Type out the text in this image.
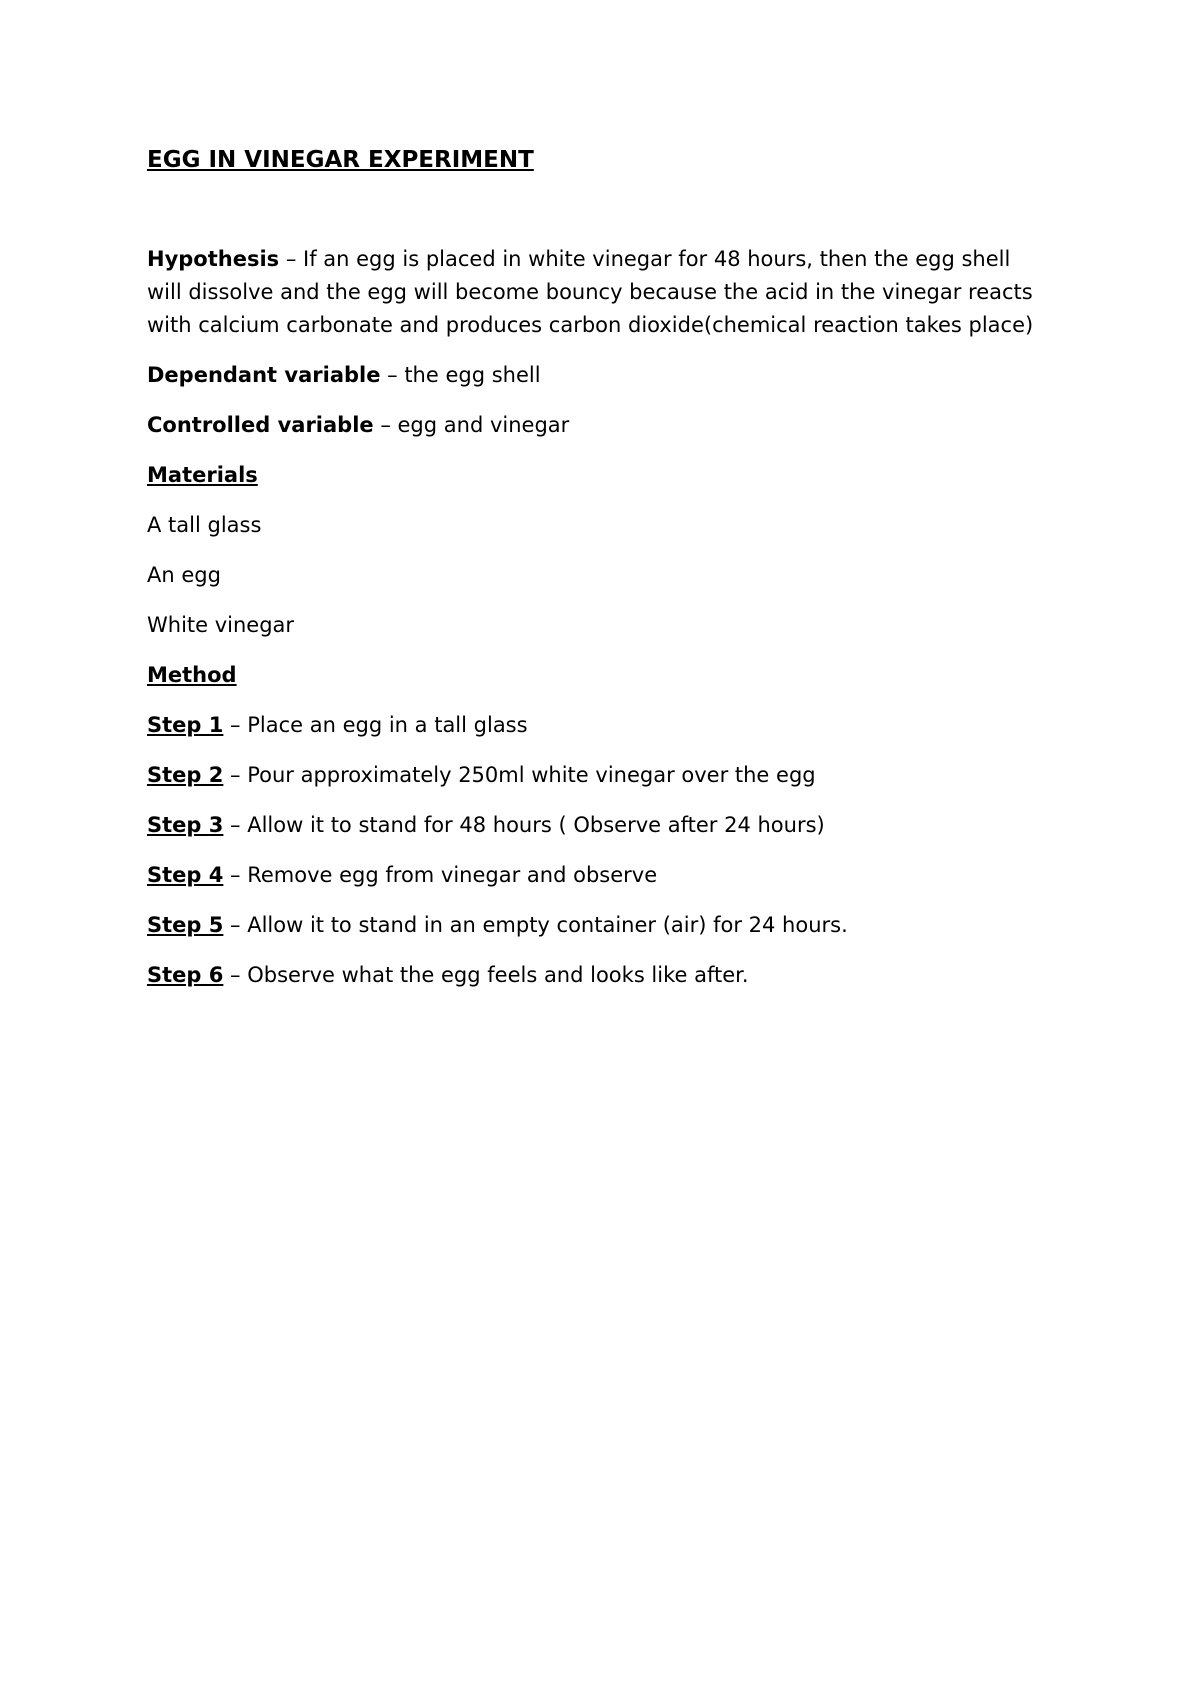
EGG IN VINEGAR EXPERIMENT

Hypothesis – If an egg is placed in white vinegar for 48 hours, then the egg shell will dissolve and the egg will become bouncy because the acid in the vinegar reacts with calcium carbonate and produces carbon dioxide(chemical reaction takes place)

Dependant variable – the egg shell

Controlled variable – egg and vinegar

Materials

A tall glass

An egg

White vinegar

Method

Step 1 – Place an egg in a tall glass

Step 2 – Pour approximately 250ml white vinegar over the egg

Step 3 – Allow it to stand for 48 hours ( Observe after 24 hours)

Step 4 – Remove egg from vinegar and observe

Step 5 – Allow it to stand in an empty container (air) for 24 hours.

Step 6 – Observe what the egg feels and looks like after.
